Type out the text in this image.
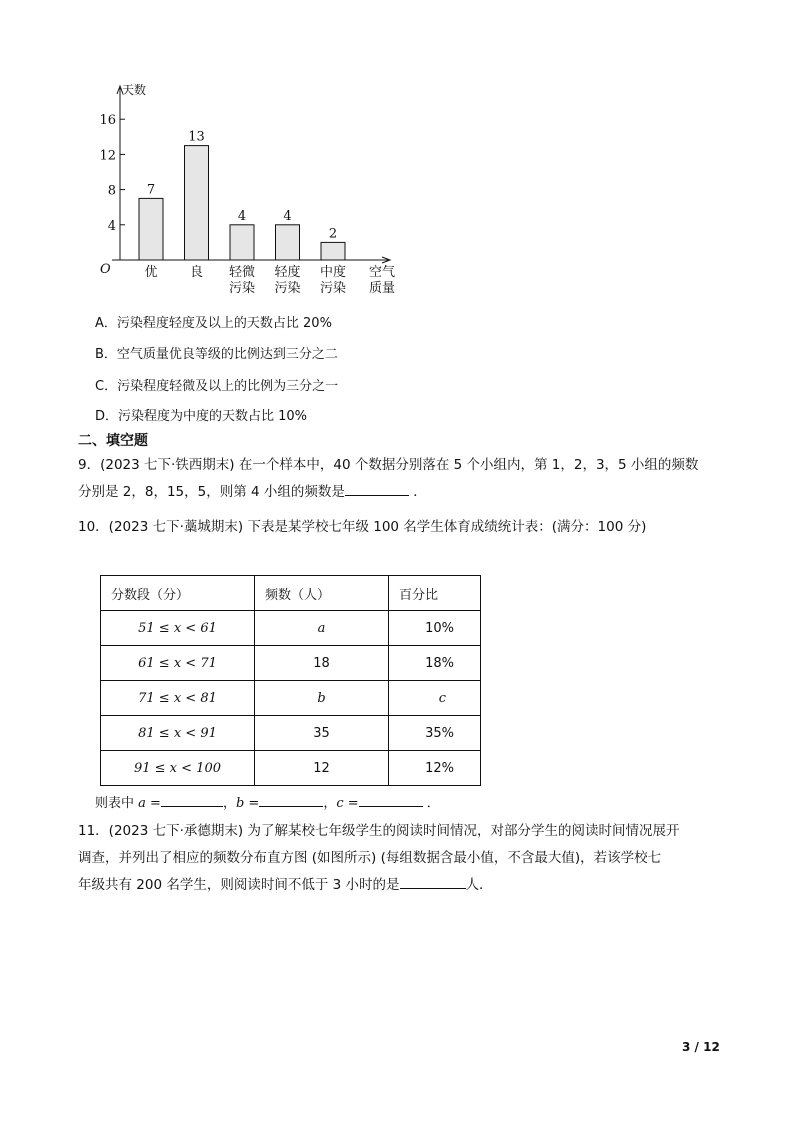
天数
O
4
8
12
16
7
优
13
良
4
轻微
污染
4
轻度
污染
2
中度
污染
空气
质量
A．污染程度轻度及以上的天数占比 20%
B．空气质量优良等级的比例达到三分之二
C．污染程度轻微及以上的比例为三分之一
D．污染程度为中度的天数占比 10%
二、填空题
9．(2023 七下·铁西期末) 在一个样本中，40 个数据分别落在 5 个小组内，第 1，2，3，5 小组的频数
分别是 2，8，15，5，则第 4 小组的频数是	．
10．(2023 七下·藁城期末) 下表是某学校七年级 100 名学生体育成绩统计表：(满分：100 分)
分数段（分）	频数（人）	百分比
51 ≤ x < 61	a	10%
61 ≤ x < 71	18	18%
71 ≤ x < 81	b	c
81 ≤ x < 91	35	35%
91 ≤ x < 100	12	12%
则表中 a =	，b =	，c =	．
11．(2023 七下·承德期末) 为了解某校七年级学生的阅读时间情况，对部分学生的阅读时间情况展开
调查，并列出了相应的频数分布直方图 (如图所示) (每组数据含最小值，不含最大值)，若该学校七
年级共有 200 名学生，则阅读时间不低于 3 小时的是	人．
3 / 12
